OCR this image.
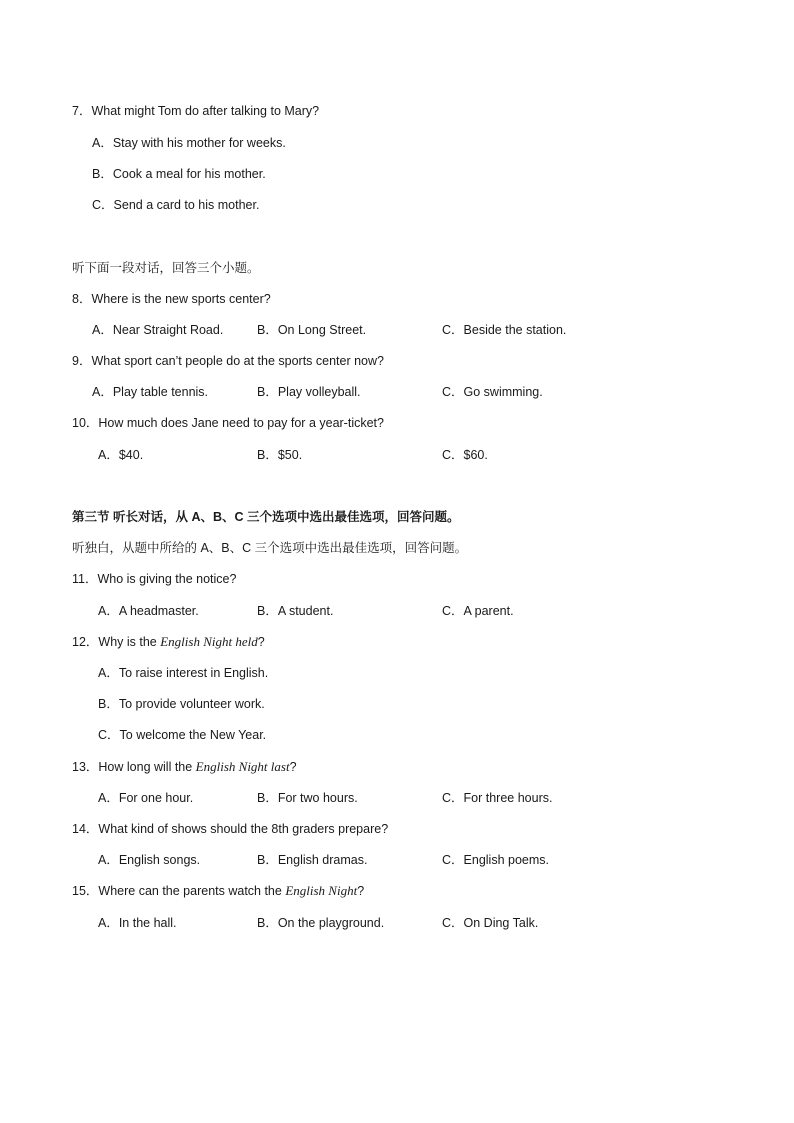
7．What might Tom do after talking to Mary?
A．Stay with his mother for weeks.
B．Cook a meal for his mother.
C．Send a card to his mother.
听下面一段对话，回答三个小题。
8．Where is the new sports center?
A．Near Straight Road.	B．On Long Street.	C．Beside the station.
9．What sport can’t people do at the sports center now?
A．Play table tennis.	B．Play volleyball.	C．Go swimming.
10．How much does Jane need to pay for a year-ticket?
A．$40.	B．$50.	C．$60.
第三节 听长对话，从 A、B、C 三个选项中选出最佳选项，回答问题。
听独白，从题中所给的 A、B、C 三个选项中选出最佳选项，回答问题。
11．Who is giving the notice?
A．A headmaster.	B．A student.	C．A parent.
12．Why is the English Night held?
A．To raise interest in English.
B．To provide volunteer work.
C．To welcome the New Year.
13．How long will the English Night last?
A．For one hour.	B．For two hours.	C．For three hours.
14．What kind of shows should the 8th graders prepare?
A．English songs.	B．English dramas.	C．English poems.
15．Where can the parents watch the English Night?
A．In the hall.	B．On the playground.	C．On Ding Talk.
